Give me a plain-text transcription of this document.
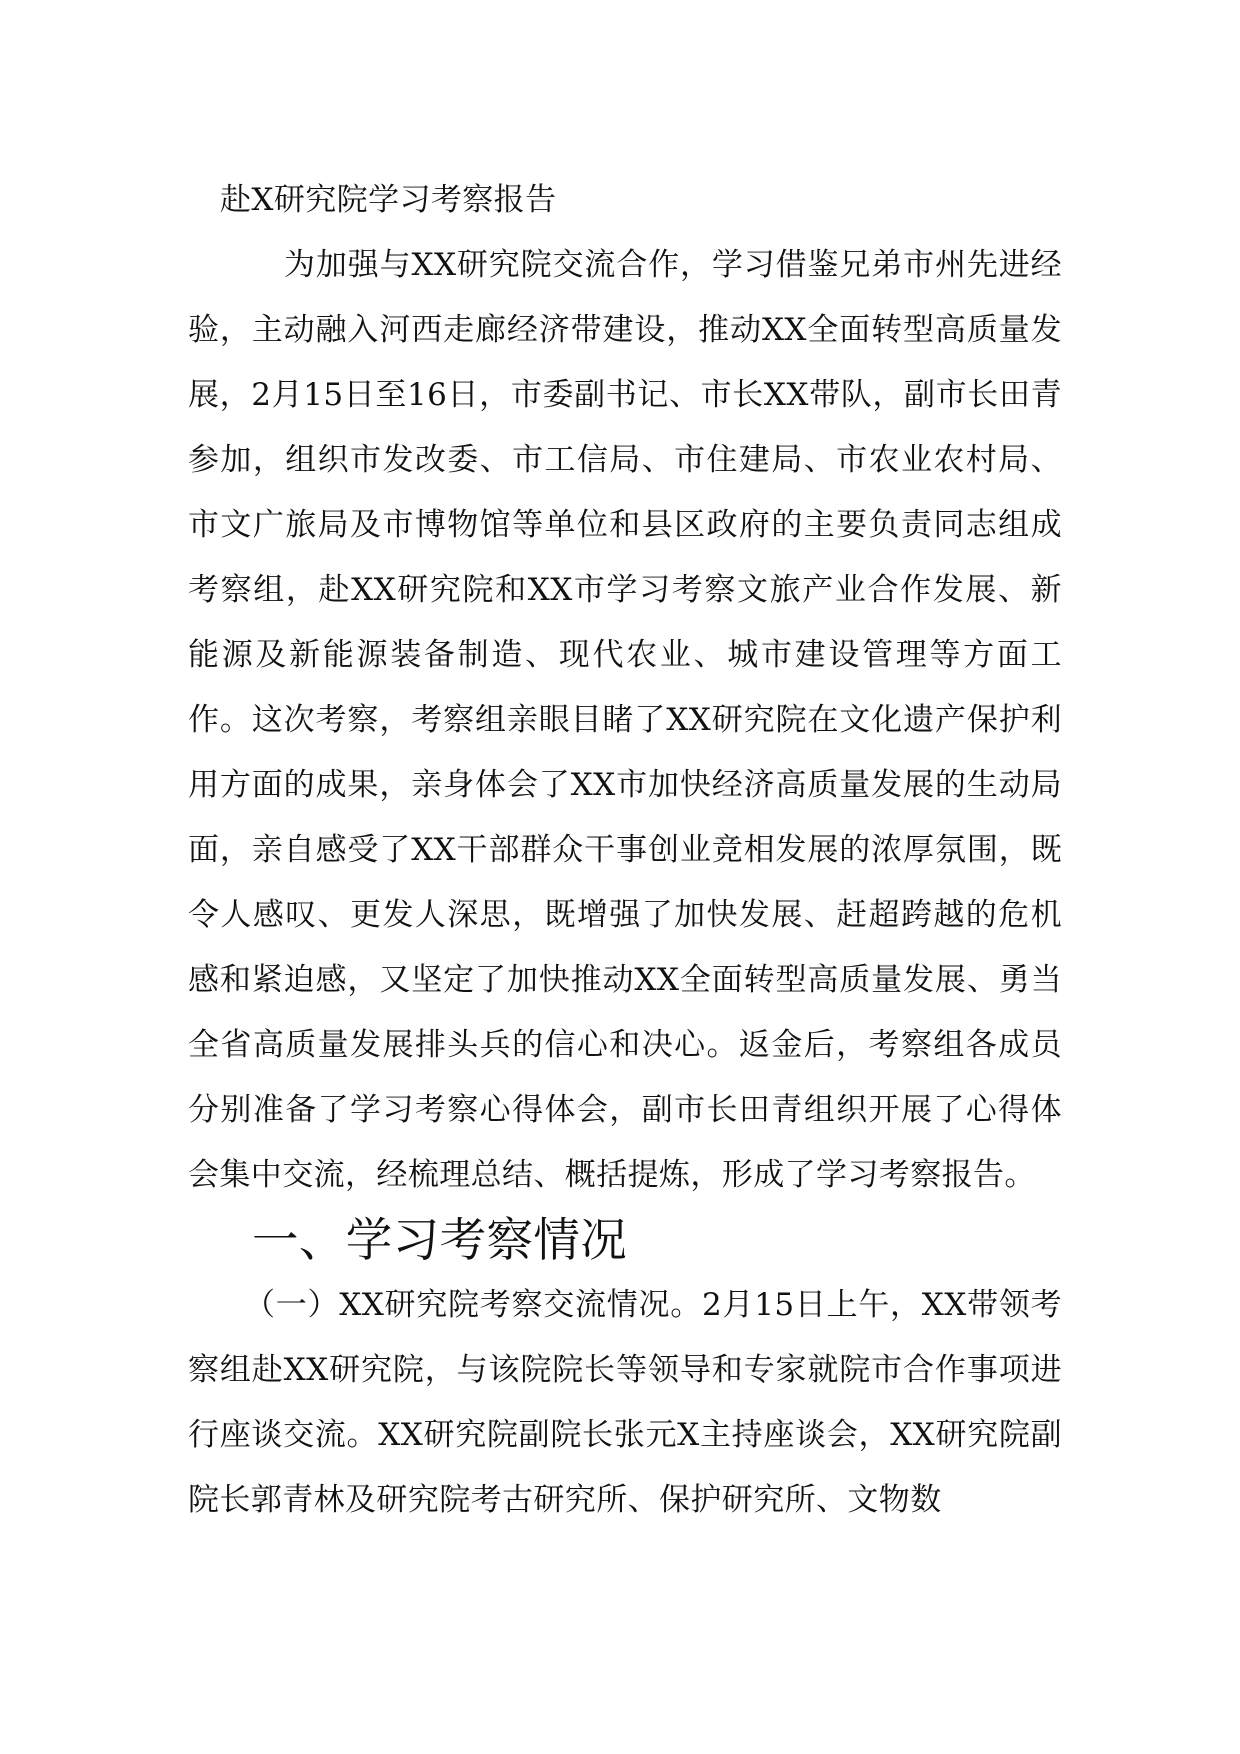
赴X研究院学习考察报告

为加强与XX研究院交流合作，学习借鉴兄弟市州先进经验，主动融入河西走廊经济带建设，推动XX全面转型高质量发展，2月15日至16日，市委副书记、市长XX带队，副市长田青参加，组织市发改委、市工信局、市住建局、市农业农村局、市文广旅局及市博物馆等单位和县区政府的主要负责同志组成考察组，赴XX研究院和XX市学习考察文旅产业合作发展、新能源及新能源装备制造、现代农业、城市建设管理等方面工作。这次考察，考察组亲眼目睹了XX研究院在文化遗产保护利用方面的成果，亲身体会了XX市加快经济高质量发展的生动局面，亲自感受了XX干部群众干事创业竞相发展的浓厚氛围，既令人感叹、更发人深思，既增强了加快发展、赶超跨越的危机感和紧迫感，又坚定了加快推动XX全面转型高质量发展、勇当全省高质量发展排头兵的信心和决心。返金后，考察组各成员分别准备了学习考察心得体会，副市长田青组织开展了心得体会集中交流，经梳理总结、概括提炼，形成了学习考察报告。

一、学习考察情况

（一）XX研究院考察交流情况。2月15日上午，XX带领考察组赴XX研究院，与该院院长等领导和专家就院市合作事项进行座谈交流。XX研究院副院长张元X主持座谈会，XX研究院副院长郭青林及研究院考古研究所、保护研究所、文物数
